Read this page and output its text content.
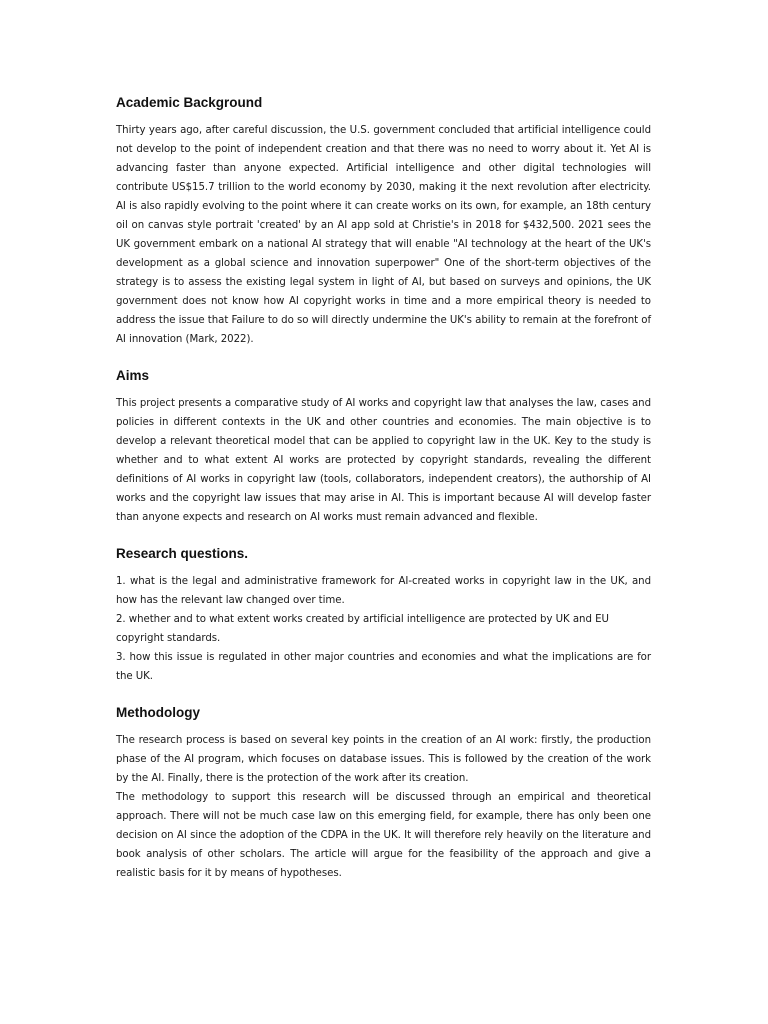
Academic Background

Thirty years ago, after careful discussion, the U.S. government concluded that artificial intelligence could not develop to the point of independent creation and that there was no need to worry about it. Yet AI is advancing faster than anyone expected. Artificial intelligence and other digital technologies will contribute US$15.7 trillion to the world economy by 2030, making it the next revolution after electricity. AI is also rapidly evolving to the point where it can create works on its own, for example, an 18th century oil on canvas style portrait 'created' by an AI app sold at Christie's in 2018 for $432,500. 2021 sees the UK government embark on a national AI strategy that will enable "AI technology at the heart of the UK's development as a global science and innovation superpower" One of the short-term objectives of the strategy is to assess the existing legal system in light of AI, but based on surveys and opinions, the UK government does not know how AI copyright works in time and a more empirical theory is needed to address the issue that Failure to do so will directly undermine the UK's ability to remain at the forefront of AI innovation (Mark, 2022).

Aims

This project presents a comparative study of AI works and copyright law that analyses the law, cases and policies in different contexts in the UK and other countries and economies. The main objective is to develop a relevant theoretical model that can be applied to copyright law in the UK. Key to the study is whether and to what extent AI works are protected by copyright standards, revealing the different definitions of AI works in copyright law (tools, collaborators, independent creators), the authorship of AI works and the copyright law issues that may arise in AI. This is important because AI will develop faster than anyone expects and research on AI works must remain advanced and flexible.

Research questions.

1. what is the legal and administrative framework for AI-created works in copyright law in the UK, and how has the relevant law changed over time.

2. whether and to what extent works created by artificial intelligence are protected by UK and EU copyright standards.

3. how this issue is regulated in other major countries and economies and what the implications are for the UK.

Methodology

The research process is based on several key points in the creation of an AI work: firstly, the production phase of the AI program, which focuses on database issues. This is followed by the creation of the work by the AI. Finally, there is the protection of the work after its creation.

The methodology to support this research will be discussed through an empirical and theoretical approach. There will not be much case law on this emerging field, for example, there has only been one decision on AI since the adoption of the CDPA in the UK. It will therefore rely heavily on the literature and book analysis of other scholars. The article will argue for the feasibility of the approach and give a realistic basis for it by means of hypotheses.
